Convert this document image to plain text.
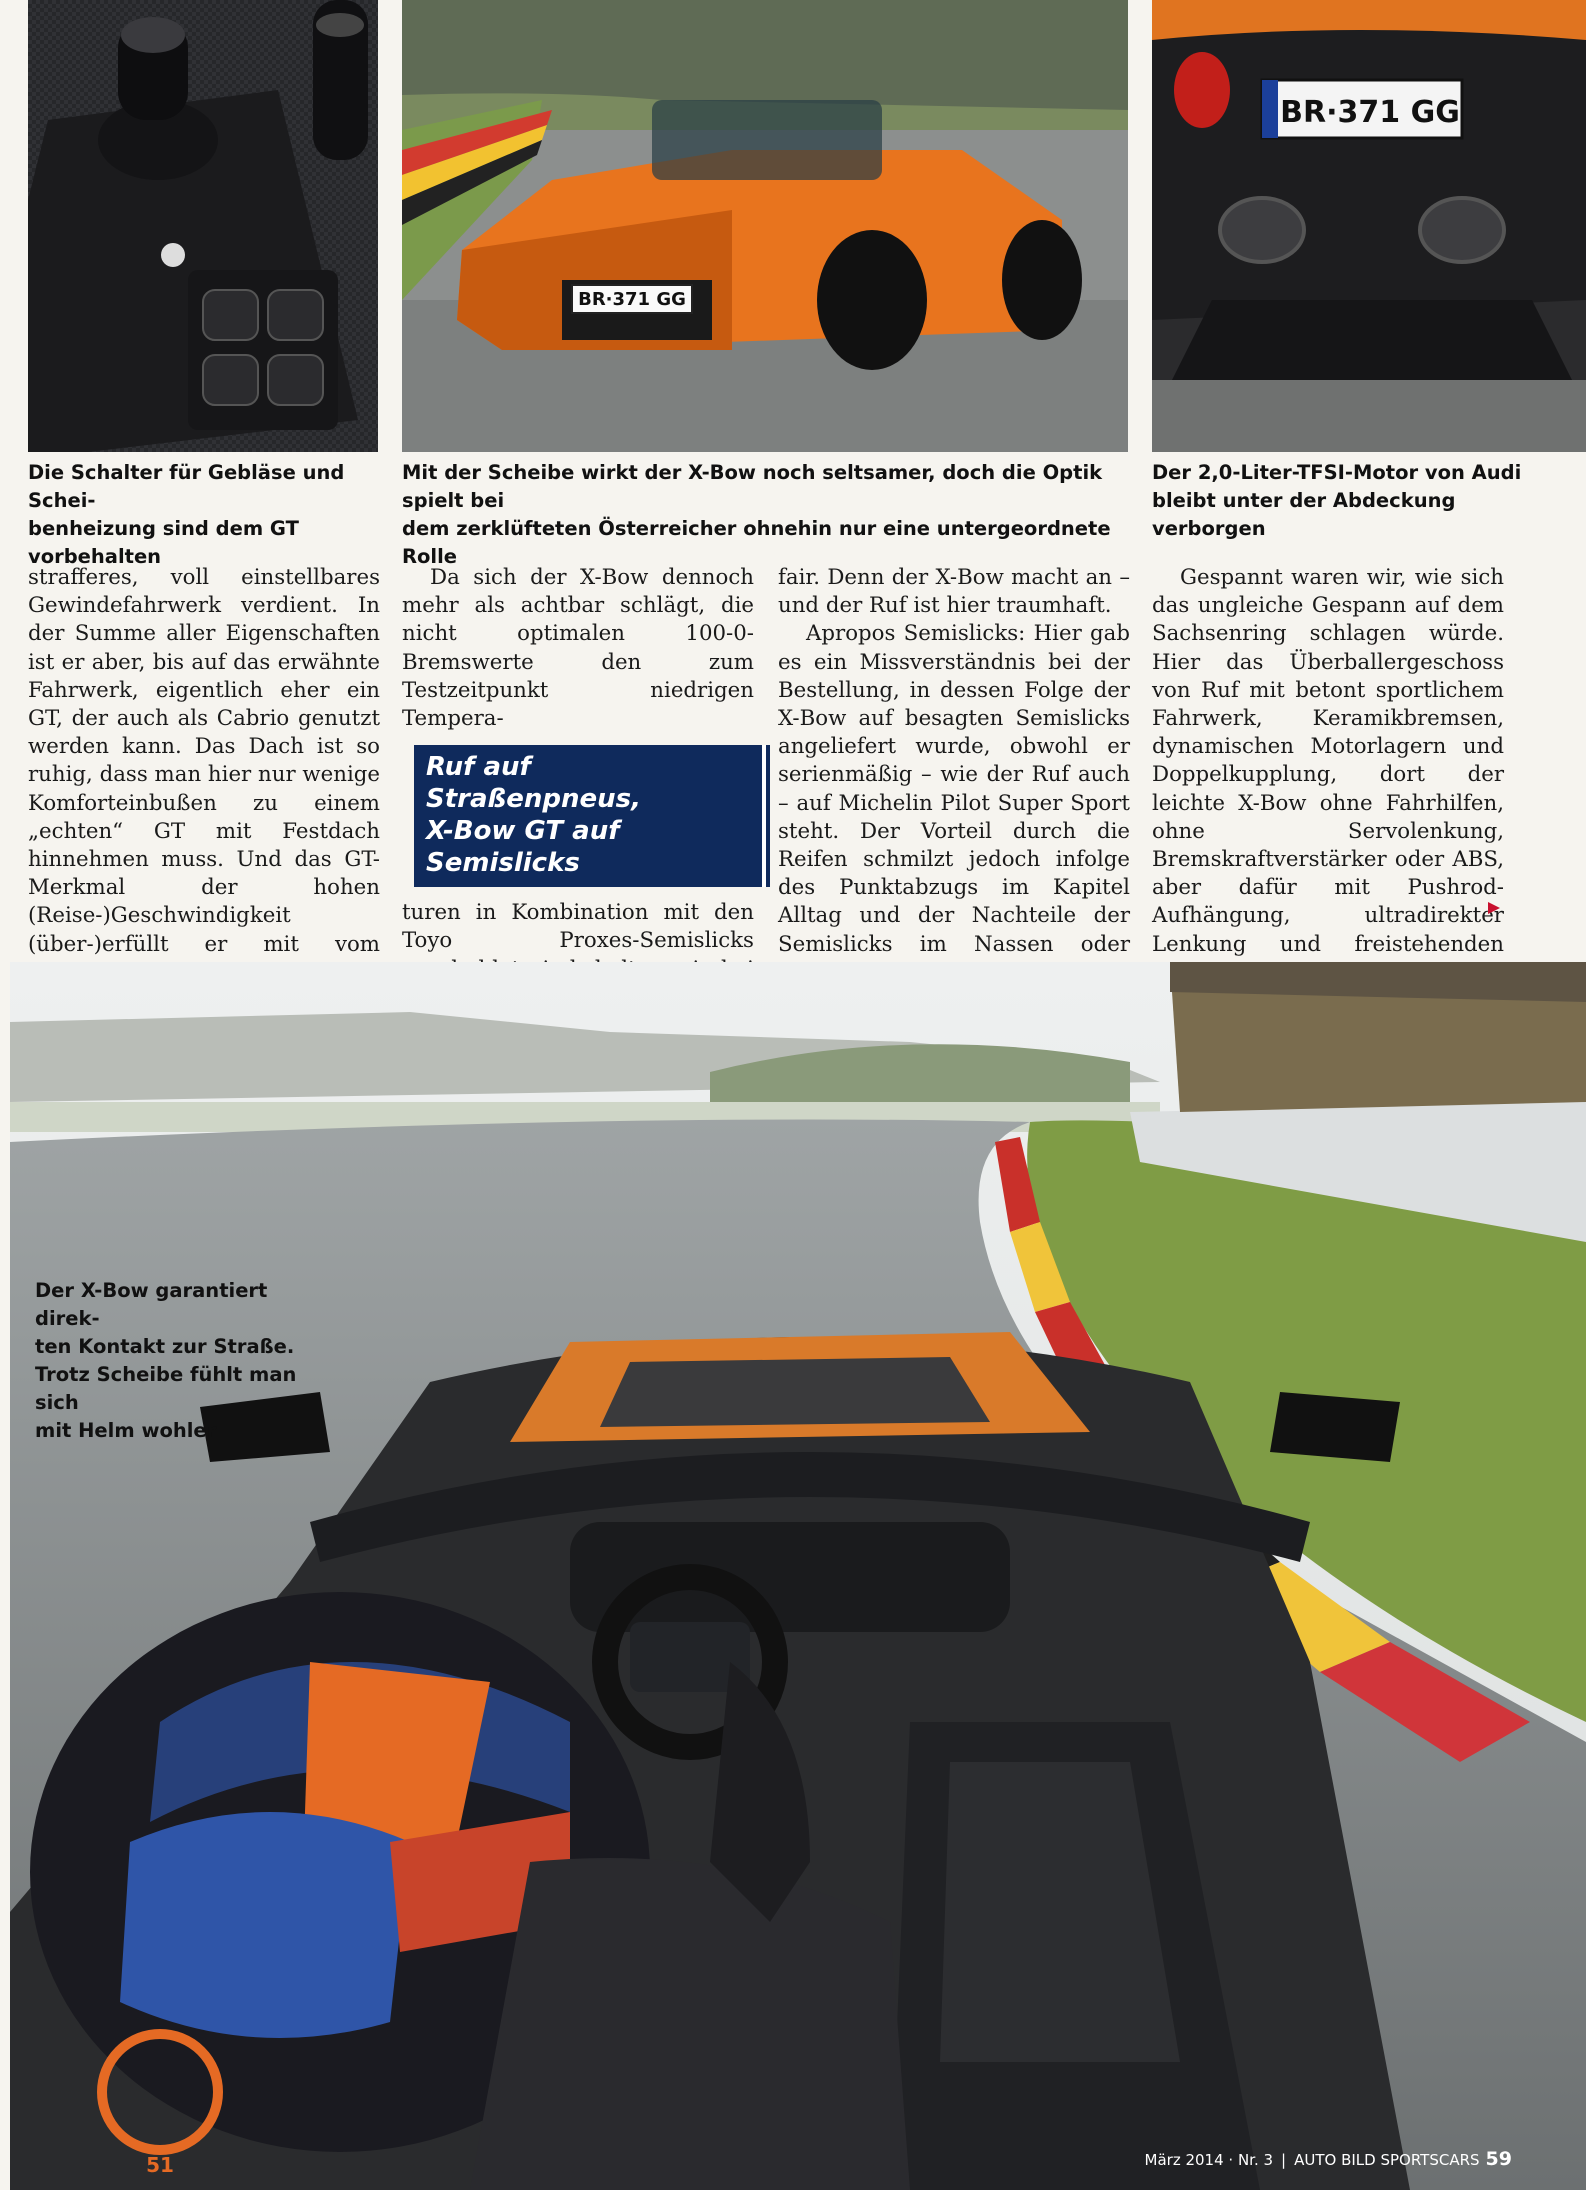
BR·371 GG
BR·371 GG
Die Schalter für Gebläse und Schei-
benheizung sind dem GT vorbehalten
Mit der Scheibe wirkt der X-Bow noch seltsamer, doch die Optik spielt bei
dem zerklüfteten Österreicher ohnehin nur eine untergeordnete Rolle
Der 2,0-Liter-TFSI-Motor von Audi
bleibt unter der Abdeckung verborgen

strafferes, voll einstellbares Gewindefahrwerk verdient. In der Summe aller Eigenschaften ist er aber, bis auf das erwähnte Fahrwerk, eigentlich eher ein GT, der auch als Cabrio genutzt werden kann. Das Dach ist so ruhig, dass man hier nur wenige Komforteinbußen zu einem „echten“ GT mit Festdach hinnehmen muss. Und das GT-Merkmal der hohen (Reise-)Geschwindigkeit (über-)erfüllt er mit vom

Da sich der X-Bow dennoch mehr als achtbar schlägt, die nicht optimalen 100-0-Bremswerte den zum Testzeitpunkt niedrigen Tempera-

Ruf auf Straßenpneus,
X-Bow GT auf Semislicks

turen in Kombination mit den Toyo Proxes-Semislicks

fair. Denn der X-Bow macht an – und der Ruf ist hier traumhaft.

Apropos Semislicks: Hier gab es ein Missverständnis bei der Bestellung, in dessen Folge der X-Bow auf besagten Semislicks angeliefert wurde, obwohl er serienmäßig – wie der Ruf auch – auf Michelin Pilot Super Sport steht. Der Vorteil durch die Reifen schmilzt jedoch infolge des Punktabzugs im Kapitel Alltag und der Nachteile der Semislicks im Nassen oder

Gespannt waren wir, wie sich das ungleiche Gespann auf dem Sachsenring schlagen würde. Hier das Überballergeschoss von Ruf mit betont sportlichem Fahrwerk, Keramikbremsen, dynamischen Motorlagern und Doppelkupplung, dort der leichte X-Bow ohne Fahrhilfen, ohne Servolenkung, Bremskraftverstärker oder ABS, aber dafür mit Pushrod-Aufhängung, ultradirekter Lenkung und freistehenden

51
Der X-Bow garantiert direk-
ten Kontakt zur Straße.
Trotz Scheibe fühlt man sich
mit Helm wohler
März 2014 · Nr. 3 | AUTO BILD SPORTSCARS 59
